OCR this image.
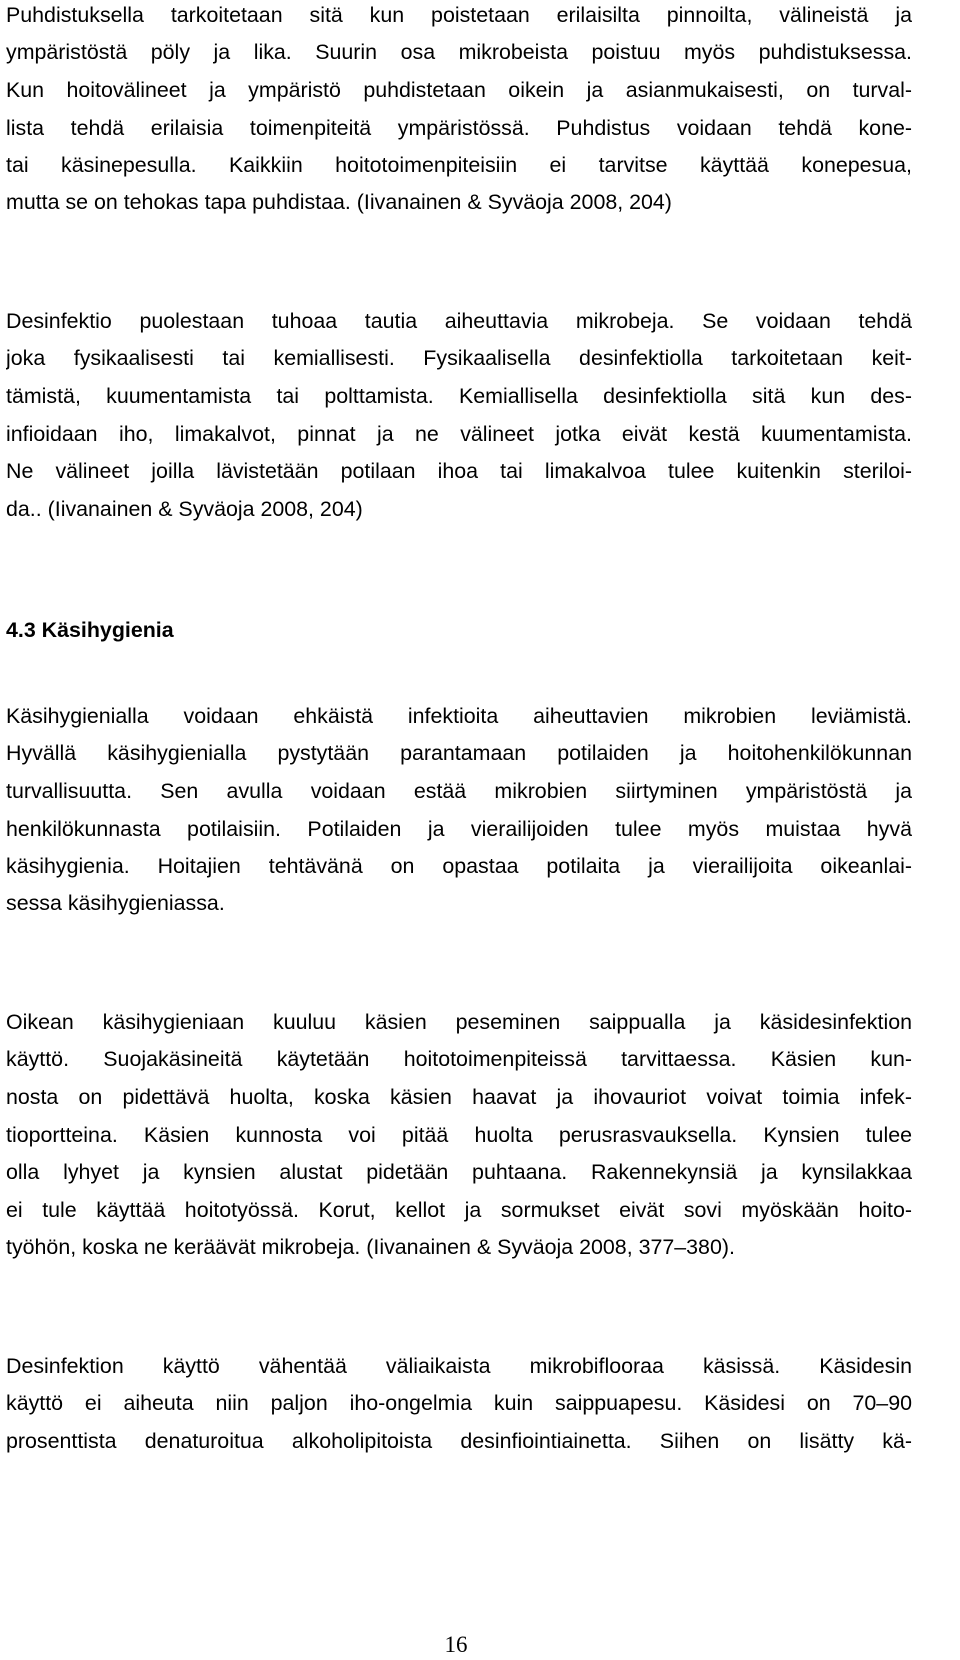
Puhdistuksella tarkoitetaan sitä kun poistetaan erilaisilta pinnoilta, välineistä ja
ympäristöstä pöly ja lika. Suurin osa mikrobeista poistuu myös puhdistuksessa.
Kun hoitovälineet ja ympäristö puhdistetaan oikein ja asianmukaisesti, on turval-
lista tehdä erilaisia toimenpiteitä ympäristössä. Puhdistus voidaan tehdä kone-
tai käsinepesulla. Kaikkiin hoitotoimenpiteisiin ei tarvitse käyttää konepesua,
mutta se on tehokas tapa puhdistaa. (Iivanainen & Syväoja 2008, 204)
Desinfektio puolestaan tuhoaa tautia aiheuttavia mikrobeja. Se voidaan tehdä
joka fysikaalisesti tai kemiallisesti. Fysikaalisella desinfektiolla tarkoitetaan keit-
tämistä, kuumentamista tai polttamista. Kemiallisella desinfektiolla sitä kun des-
infioidaan iho, limakalvot, pinnat ja ne välineet jotka eivät kestä kuumentamista.
Ne välineet joilla lävistetään potilaan ihoa tai limakalvoa tulee kuitenkin steriloi-
da.. (Iivanainen & Syväoja 2008, 204)
4.3 Käsihygienia
Käsihygienialla voidaan ehkäistä infektioita aiheuttavien mikrobien leviämistä.
Hyvällä käsihygienialla pystytään parantamaan potilaiden ja hoitohenkilökunnan
turvallisuutta. Sen avulla voidaan estää mikrobien siirtyminen ympäristöstä ja
henkilökunnasta potilaisiin. Potilaiden ja vierailijoiden tulee myös muistaa hyvä
käsihygienia. Hoitajien tehtävänä on opastaa potilaita ja vierailijoita oikeanlai-
sessa käsihygieniassa.
Oikean käsihygieniaan kuuluu käsien peseminen saippualla ja käsidesinfektion
käyttö. Suojakäsineitä käytetään hoitotoimenpiteissä tarvittaessa. Käsien kun-
nosta on pidettävä huolta, koska käsien haavat ja ihovauriot voivat toimia infek-
tioportteina. Käsien kunnosta voi pitää huolta perusrasvauksella. Kynsien tulee
olla lyhyet ja kynsien alustat pidetään puhtaana. Rakennekynsiä ja kynsilakkaa
ei tule käyttää hoitotyössä. Korut, kellot ja sormukset eivät sovi myöskään hoito-
työhön, koska ne keräävät mikrobeja. (Iivanainen & Syväoja 2008, 377–380).
Desinfektion käyttö vähentää väliaikaista mikrobiflooraa käsissä. Käsidesin
käyttö ei aiheuta niin paljon iho-ongelmia kuin saippuapesu. Käsidesi on 70–90
prosenttista denaturoitua alkoholipitoista desinfiointiainetta. Siihen on lisätty kä-
16
